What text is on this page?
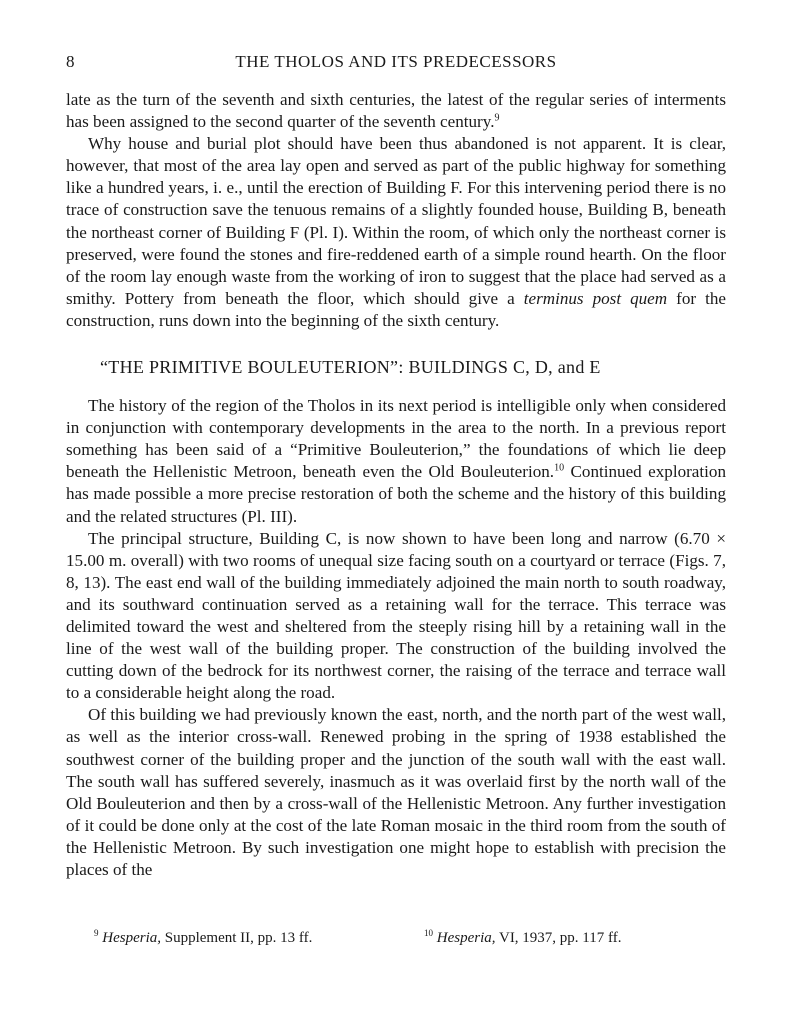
8	THE THOLOS AND ITS PREDECESSORS

late as the turn of the seventh and sixth centuries, the latest of the regular series of interments has been assigned to the second quarter of the seventh century.$^9$

Why house and burial plot should have been thus abandoned is not apparent. It is clear, however, that most of the area lay open and served as part of the public highway for something like a hundred years, i. e., until the erection of Building F. For this intervening period there is no trace of construction save the tenuous remains of a slightly founded house, Building B, beneath the northeast corner of Building F (Pl. I). Within the room, of which only the northeast corner is preserved, were found the stones and fire-reddened earth of a simple round hearth. On the floor of the room lay enough waste from the working of iron to suggest that the place had served as a smithy. Pottery from beneath the floor, which should give a terminus post quem for the construction, runs down into the beginning of the sixth century.

“THE PRIMITIVE BOULEUTERION”: BUILDINGS C, D, and E

The history of the region of the Tholos in its next period is intelligible only when considered in conjunction with contemporary developments in the area to the north. In a previous report something has been said of a “Primitive Bouleuterion,” the foundations of which lie deep beneath the Hellenistic Metroon, beneath even the Old Bouleuterion.$^{10}$ Continued exploration has made possible a more precise restoration of both the scheme and the history of this building and the related structures (Pl. III).

The principal structure, Building C, is now shown to have been long and narrow (6.70 × 15.00 m. overall) with two rooms of unequal size facing south on a courtyard or terrace (Figs. 7, 8, 13). The east end wall of the building immediately adjoined the main north to south roadway, and its southward continuation served as a retaining wall for the terrace. This terrace was delimited toward the west and sheltered from the steeply rising hill by a retaining wall in the line of the west wall of the building proper. The construction of the building involved the cutting down of the bedrock for its northwest corner, the raising of the terrace and terrace wall to a considerable height along the road.

Of this building we had previously known the east, north, and the north part of the west wall, as well as the interior cross-wall. Renewed probing in the spring of 1938 established the southwest corner of the building proper and the junction of the south wall with the east wall. The south wall has suffered severely, inasmuch as it was overlaid first by the north wall of the Old Bouleuterion and then by a cross-wall of the Hellenistic Metroon. Any further investigation of it could be done only at the cost of the late Roman mosaic in the third room from the south of the Hellenistic Metroon. By such investigation one might hope to establish with precision the places of the

$^9$ Hesperia, Supplement II, pp. 13 ff.	$^{10}$ Hesperia, VI, 1937, pp. 117 ff.
